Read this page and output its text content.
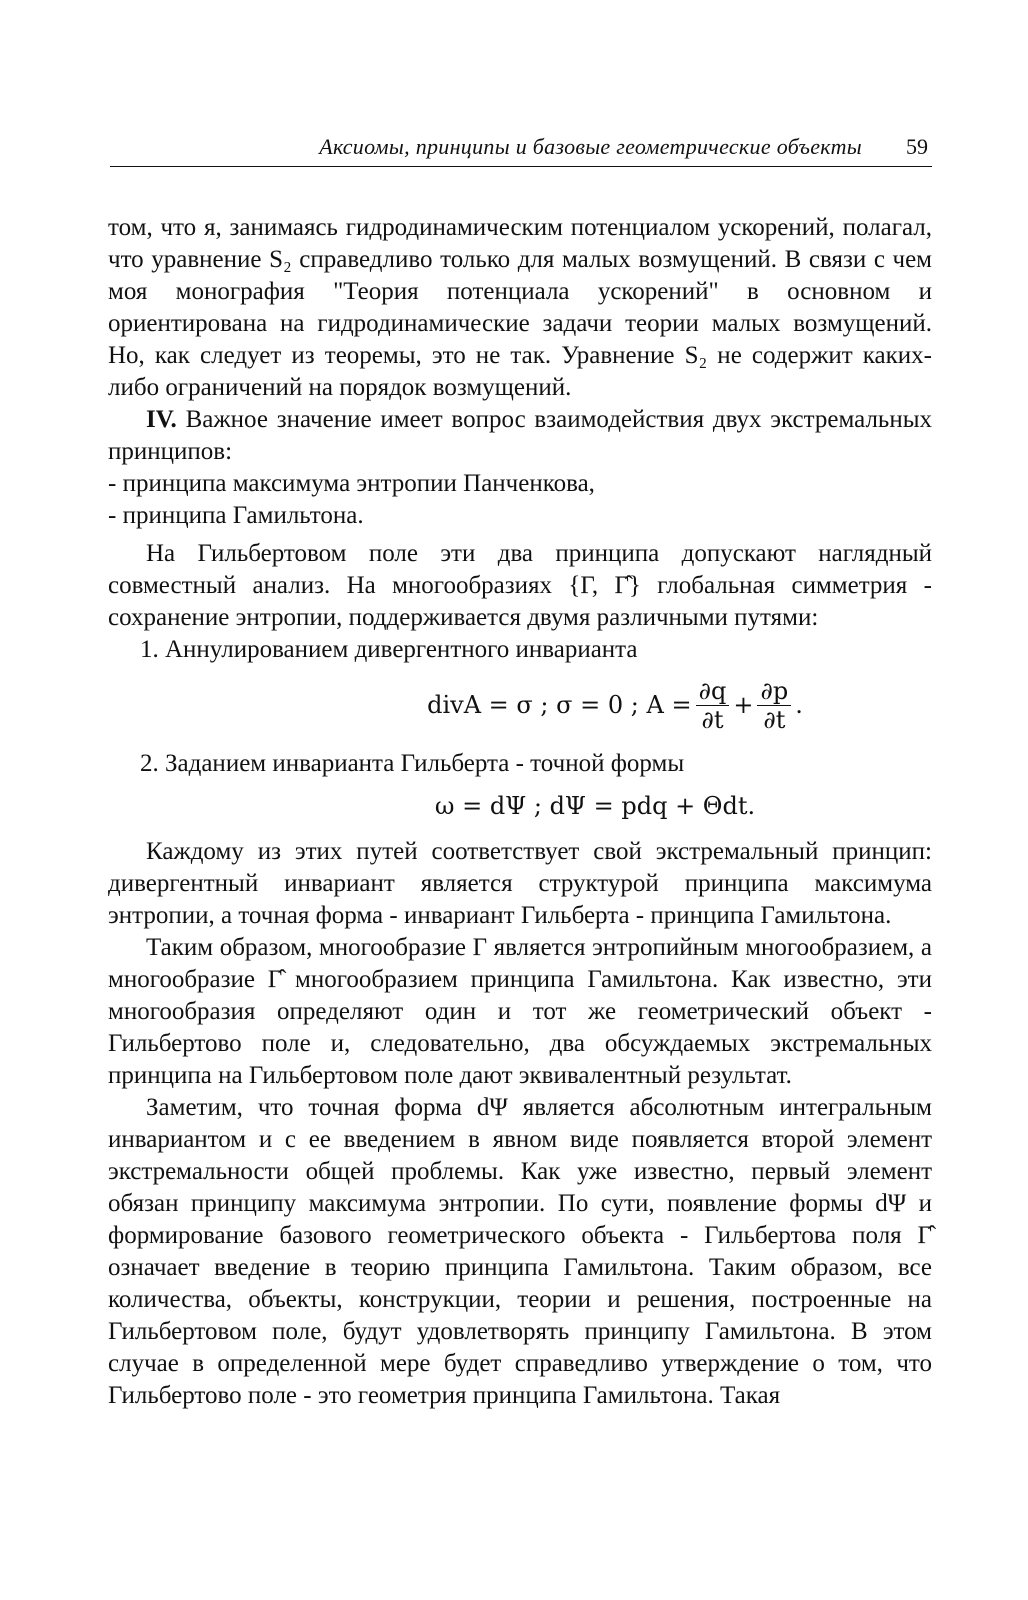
Аксиомы, принципы и базовые геометрические объекты 59

том, что я, занимаясь гидродинамическим потенциалом ускорений, полагал, что уравнение S₂ справедливо только для малых возмущений. В связи с чем моя монография "Теория потенциала ускорений" в основном и ориентирована на гидродинамические задачи теории малых возмущений. Но, как следует из теоремы, это не так. Уравнение S₂ не содержит каких-либо ограничений на порядок возмущений.

IV. Важное значение имеет вопрос взаимодействия двух экстремальных принципов:

- принципа максимума энтропии Панченкова,

- принципа Гамильтона.

На Гильбертовом поле эти два принципа допускают наглядный совместный анализ. На многообразиях {Γ, Γ̂} глобальная симметрия - сохранение энтропии, поддерживается двумя различными путями:

1. Аннулированием дивергентного инварианта

divA = σ ; σ = 0 ; $A = \frac{\partial q}{\partial t} + \frac{\partial p}{\partial t}$ .

2. Заданием инварианта Гильберта - точной формы

ω = dΨ ; dΨ = pdq + Θdt.

Каждому из этих путей соответствует свой экстремальный принцип: дивергентный инвариант является структурой принципа максимума энтропии, а точная форма - инвариант Гильберта - принципа Гамильтона.

Таким образом, многообразие Γ является энтропийным многообразием, а многообразие Γ̂ многообразием принципа Гамильтона. Как известно, эти многообразия определяют один и тот же геометрический объект - Гильбертово поле и, следовательно, два обсуждаемых экстремальных принципа на Гильбертовом поле дают эквивалентный результат.

Заметим, что точная форма dΨ является абсолютным интегральным инвариантом и с ее введением в явном виде появляется второй элемент экстремальности общей проблемы. Как уже известно, первый элемент обязан принципу максимума энтропии. По сути, появление формы dΨ и формирование базового геометрического объекта - Гильбертова поля Γ̂ означает введение в теорию принципа Гамильтона. Таким образом, все количества, объекты, конструкции, теории и решения, построенные на Гильбертовом поле, будут удовлетворять принципу Гамильтона. В этом случае в определенной мере будет справедливо утверждение о том, что Гильбертово поле - это геометрия принципа Гамильтона. Такая
